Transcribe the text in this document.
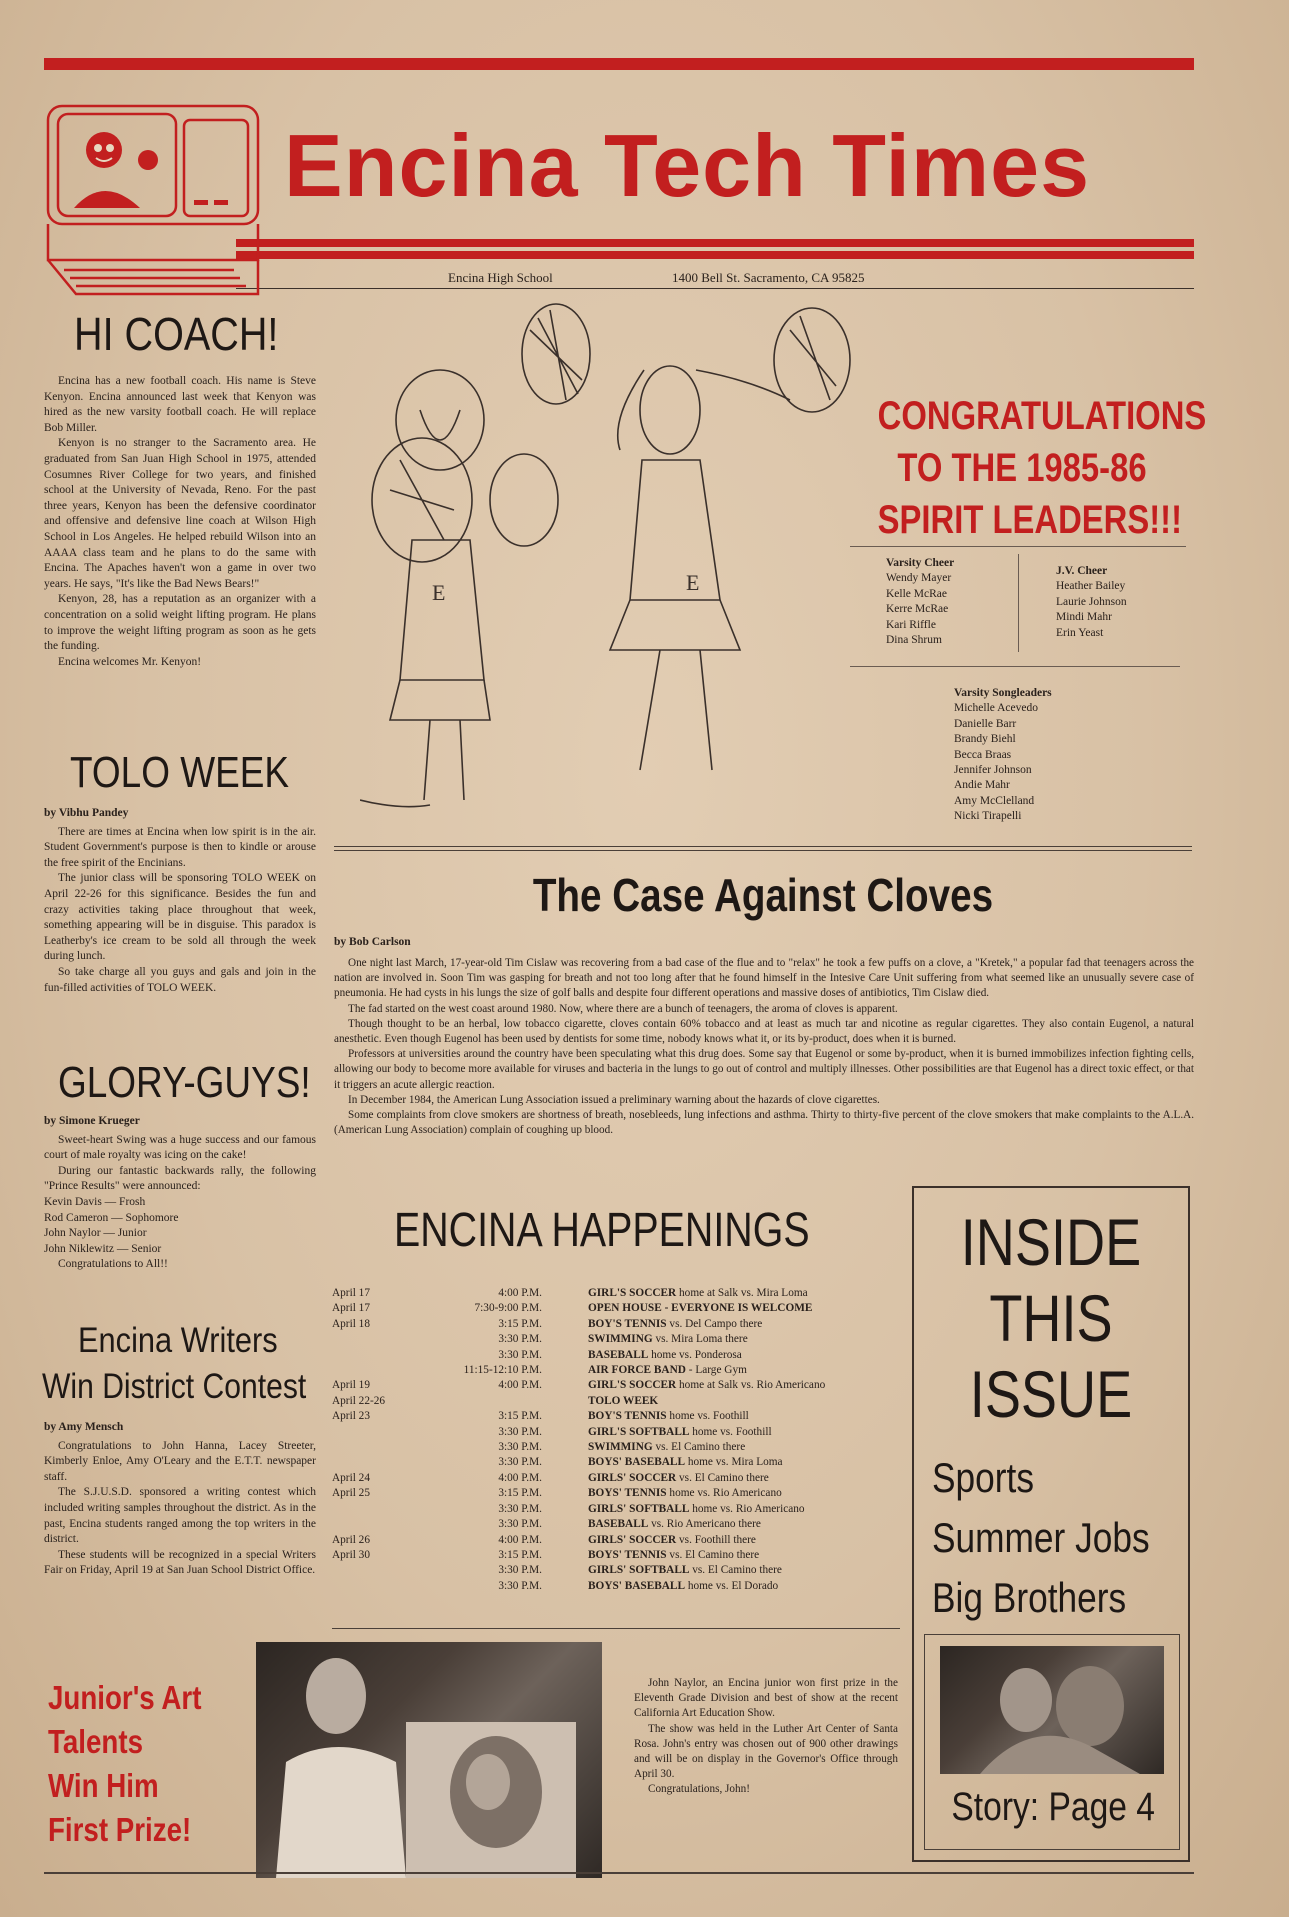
Encina Tech Times
Encina High School	1400 Bell St. Sacramento, CA 95825
HI COACH!

Encina has a new football coach. His name is Steve Kenyon. Encina announced last week that Kenyon was hired as the new varsity football coach. He will replace Bob Miller.

Kenyon is no stranger to the Sacramento area. He graduated from San Juan High School in 1975, attended Cosumnes River College for two years, and finished school at the University of Nevada, Reno. For the past three years, Kenyon has been the defensive coordinator and offensive and defensive line coach at Wilson High School in Los Angeles. He helped rebuild Wilson into an AAAA class team and he plans to do the same with Encina. The Apaches haven't won a game in over two years. He says, "It's like the Bad News Bears!"

Kenyon, 28, has a reputation as an organizer with a concentration on a solid weight lifting program. He plans to improve the weight lifting program as soon as he gets the funding.

Encina welcomes Mr. Kenyon!

TOLO WEEK
by Vibhu Pandey

There are times at Encina when low spirit is in the air. Student Government's purpose is then to kindle or arouse the free spirit of the Encinians.

The junior class will be sponsoring TOLO WEEK on April 22-26 for this significance. Besides the fun and crazy activities taking place throughout that week, something appearing will be in disguise. This paradox is Leatherby's ice cream to be sold all through the week during lunch.

So take charge all you guys and gals and join in the fun-filled activities of TOLO WEEK.

GLORY-GUYS!
by Simone Krueger

Sweet-heart Swing was a huge success and our famous court of male royalty was icing on the cake!

During our fantastic backwards rally, the following "Prince Results" were announced:

Kevin Davis — Frosh
Rod Cameron — Sophomore
John Naylor — Junior
John Niklewitz — Senior

Congratulations to All!!

Encina Writers
Win District Contest
by Amy Mensch

Congratulations to John Hanna, Lacey Streeter, Kimberly Enloe, Amy O'Leary and the E.T.T. newspaper staff.

The S.J.U.S.D. sponsored a writing contest which included writing samples throughout the district. As in the past, Encina students ranged among the top writers in the district.

These students will be recognized in a special Writers Fair on Friday, April 19 at San Juan School District Office.

E	E
CONGRATULATIONS
TO THE 1985-86
SPIRIT LEADERS!!!
Varsity Cheer
Wendy Mayer
Kelle McRae
Kerre McRae
Kari Riffle
Dina Shrum
J.V. Cheer
Heather Bailey
Laurie Johnson
Mindi Mahr
Erin Yeast
Varsity Songleaders
Michelle Acevedo
Danielle Barr
Brandy Biehl
Becca Braas
Jennifer Johnson
Andie Mahr
Amy McClelland
Nicki Tirapelli
The Case Against Cloves
by Bob Carlson

One night last March, 17-year-old Tim Cislaw was recovering from a bad case of the flue and to "relax" he took a few puffs on a clove, a "Kretek," a popular fad that teenagers across the nation are involved in. Soon Tim was gasping for breath and not too long after that he found himself in the Intesive Care Unit suffering from what seemed like an unusually severe case of pneumonia. He had cysts in his lungs the size of golf balls and despite four different operations and massive doses of antibiotics, Tim Cislaw died.

The fad started on the west coast around 1980. Now, where there are a bunch of teenagers, the aroma of cloves is apparent.

Though thought to be an herbal, low tobacco cigarette, cloves contain 60% tobacco and at least as much tar and nicotine as regular cigarettes. They also contain Eugenol, a natural anesthetic. Even though Eugenol has been used by dentists for some time, nobody knows what it, or its by-product, does when it is burned.

Professors at universities around the country have been speculating what this drug does. Some say that Eugenol or some by-product, when it is burned immobilizes infection fighting cells, allowing our body to become more available for viruses and bacteria in the lungs to go out of control and multiply illnesses. Other possibilities are that Eugenol has a direct toxic effect, or that it triggers an acute allergic reaction.

In December 1984, the American Lung Association issued a preliminary warning about the hazards of clove cigarettes.

Some complaints from clove smokers are shortness of breath, nosebleeds, lung infections and asthma. Thirty to thirty-five percent of the clove smokers that make complaints to the A.L.A. (American Lung Association) complain of coughing up blood.

ENCINA HAPPENINGS
April 17	4:00 P.M.		GIRL'S SOCCER home at Salk vs. Mira Loma
April 17	7:30-9:00 P.M.		OPEN HOUSE - EVERYONE IS WELCOME
April 18	3:15 P.M.		BOY'S TENNIS vs. Del Campo there
	3:30 P.M.		SWIMMING vs. Mira Loma there
	3:30 P.M.		BASEBALL home vs. Ponderosa
	11:15-12:10 P.M.		AIR FORCE BAND - Large Gym
April 19	4:00 P.M.		GIRL'S SOCCER home at Salk vs. Rio Americano
April 22-26			TOLO WEEK
April 23	3:15 P.M.		BOY'S TENNIS home vs. Foothill
	3:30 P.M.		GIRL'S SOFTBALL home vs. Foothill
	3:30 P.M.		SWIMMING vs. El Camino there
	3:30 P.M.		BOYS' BASEBALL home vs. Mira Loma
April 24	4:00 P.M.		GIRLS' SOCCER vs. El Camino there
April 25	3:15 P.M.		BOYS' TENNIS home vs. Rio Americano
	3:30 P.M.		GIRLS' SOFTBALL home vs. Rio Americano
	3:30 P.M.		BASEBALL vs. Rio Americano there
April 26	4:00 P.M.		GIRLS' SOCCER vs. Foothill there
April 30	3:15 P.M.		BOYS' TENNIS vs. El Camino there
	3:30 P.M.		GIRLS' SOFTBALL vs. El Camino there
	3:30 P.M.		BOYS' BASEBALL home vs. El Dorado
INSIDE
THIS
ISSUE
Sports
Summer Jobs
Big Brothers
Story: Page 4
Junior's Art
Talents
Win Him
First Prize!

John Naylor, an Encina junior won first prize in the Eleventh Grade Division and best of show at the recent California Art Education Show.

The show was held in the Luther Art Center of Santa Rosa. John's entry was chosen out of 900 other drawings and will be on display in the Governor's Office through April 30.

Congratulations, John!
